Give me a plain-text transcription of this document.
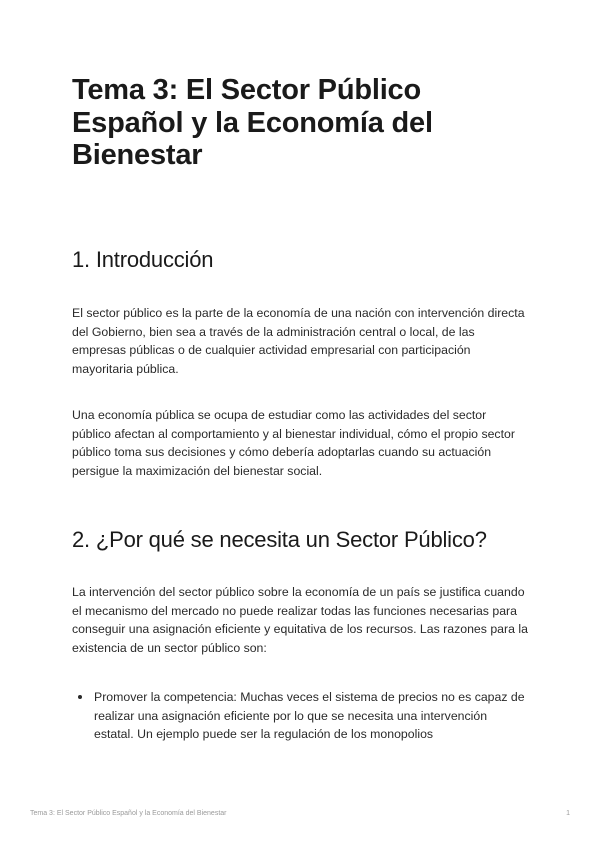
Tema 3: El Sector Público Español y la Economía del Bienestar
1. Introducción

El sector público es la parte de la economía de una nación con intervención directa del Gobierno, bien sea a través de la administración central o local, de las empresas públicas o de cualquier actividad empresarial con participación mayoritaria pública.

Una economía pública se ocupa de estudiar como las actividades del sector público afectan al comportamiento y al bienestar individual, cómo el propio sector público toma sus decisiones y cómo debería adoptarlas cuando su actuación persigue la maximización del bienestar social.

2. ¿Por qué se necesita un Sector Público?

La intervención del sector público sobre la economía de un país se justifica cuando el mecanismo del mercado no puede realizar todas las funciones necesarias para conseguir una asignación eficiente y equitativa de los recursos. Las razones para la existencia de un sector público son:

Promover la competencia: Muchas veces el sistema de precios no es capaz de realizar una asignación eficiente por lo que se necesita una intervención estatal. Un ejemplo puede ser la regulación de los monopolios
Tema 3: El Sector Público Español y la Economía del Bienestar	1
